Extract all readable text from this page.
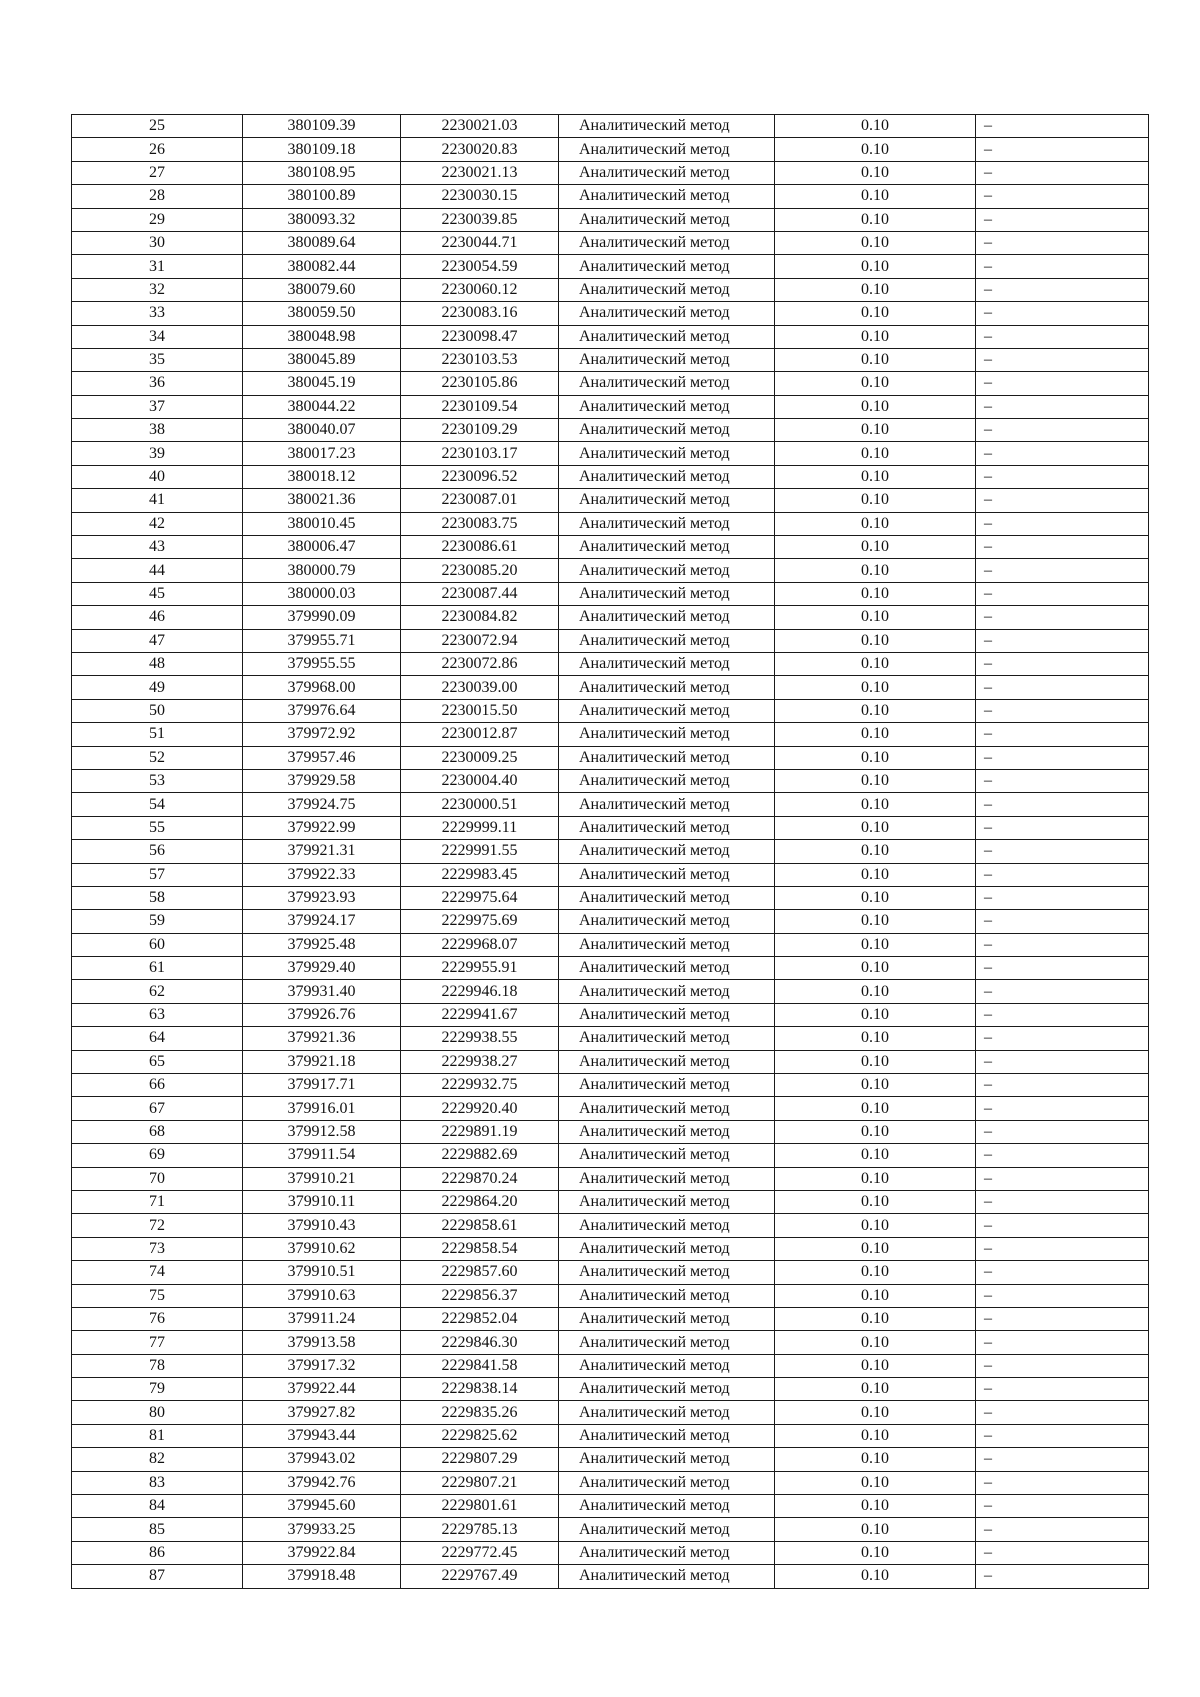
25	380109.39	2230021.03	Аналитический метод	0.10	–
26	380109.18	2230020.83	Аналитический метод	0.10	–
27	380108.95	2230021.13	Аналитический метод	0.10	–
28	380100.89	2230030.15	Аналитический метод	0.10	–
29	380093.32	2230039.85	Аналитический метод	0.10	–
30	380089.64	2230044.71	Аналитический метод	0.10	–
31	380082.44	2230054.59	Аналитический метод	0.10	–
32	380079.60	2230060.12	Аналитический метод	0.10	–
33	380059.50	2230083.16	Аналитический метод	0.10	–
34	380048.98	2230098.47	Аналитический метод	0.10	–
35	380045.89	2230103.53	Аналитический метод	0.10	–
36	380045.19	2230105.86	Аналитический метод	0.10	–
37	380044.22	2230109.54	Аналитический метод	0.10	–
38	380040.07	2230109.29	Аналитический метод	0.10	–
39	380017.23	2230103.17	Аналитический метод	0.10	–
40	380018.12	2230096.52	Аналитический метод	0.10	–
41	380021.36	2230087.01	Аналитический метод	0.10	–
42	380010.45	2230083.75	Аналитический метод	0.10	–
43	380006.47	2230086.61	Аналитический метод	0.10	–
44	380000.79	2230085.20	Аналитический метод	0.10	–
45	380000.03	2230087.44	Аналитический метод	0.10	–
46	379990.09	2230084.82	Аналитический метод	0.10	–
47	379955.71	2230072.94	Аналитический метод	0.10	–
48	379955.55	2230072.86	Аналитический метод	0.10	–
49	379968.00	2230039.00	Аналитический метод	0.10	–
50	379976.64	2230015.50	Аналитический метод	0.10	–
51	379972.92	2230012.87	Аналитический метод	0.10	–
52	379957.46	2230009.25	Аналитический метод	0.10	–
53	379929.58	2230004.40	Аналитический метод	0.10	–
54	379924.75	2230000.51	Аналитический метод	0.10	–
55	379922.99	2229999.11	Аналитический метод	0.10	–
56	379921.31	2229991.55	Аналитический метод	0.10	–
57	379922.33	2229983.45	Аналитический метод	0.10	–
58	379923.93	2229975.64	Аналитический метод	0.10	–
59	379924.17	2229975.69	Аналитический метод	0.10	–
60	379925.48	2229968.07	Аналитический метод	0.10	–
61	379929.40	2229955.91	Аналитический метод	0.10	–
62	379931.40	2229946.18	Аналитический метод	0.10	–
63	379926.76	2229941.67	Аналитический метод	0.10	–
64	379921.36	2229938.55	Аналитический метод	0.10	–
65	379921.18	2229938.27	Аналитический метод	0.10	–
66	379917.71	2229932.75	Аналитический метод	0.10	–
67	379916.01	2229920.40	Аналитический метод	0.10	–
68	379912.58	2229891.19	Аналитический метод	0.10	–
69	379911.54	2229882.69	Аналитический метод	0.10	–
70	379910.21	2229870.24	Аналитический метод	0.10	–
71	379910.11	2229864.20	Аналитический метод	0.10	–
72	379910.43	2229858.61	Аналитический метод	0.10	–
73	379910.62	2229858.54	Аналитический метод	0.10	–
74	379910.51	2229857.60	Аналитический метод	0.10	–
75	379910.63	2229856.37	Аналитический метод	0.10	–
76	379911.24	2229852.04	Аналитический метод	0.10	–
77	379913.58	2229846.30	Аналитический метод	0.10	–
78	379917.32	2229841.58	Аналитический метод	0.10	–
79	379922.44	2229838.14	Аналитический метод	0.10	–
80	379927.82	2229835.26	Аналитический метод	0.10	–
81	379943.44	2229825.62	Аналитический метод	0.10	–
82	379943.02	2229807.29	Аналитический метод	0.10	–
83	379942.76	2229807.21	Аналитический метод	0.10	–
84	379945.60	2229801.61	Аналитический метод	0.10	–
85	379933.25	2229785.13	Аналитический метод	0.10	–
86	379922.84	2229772.45	Аналитический метод	0.10	–
87	379918.48	2229767.49	Аналитический метод	0.10	–
